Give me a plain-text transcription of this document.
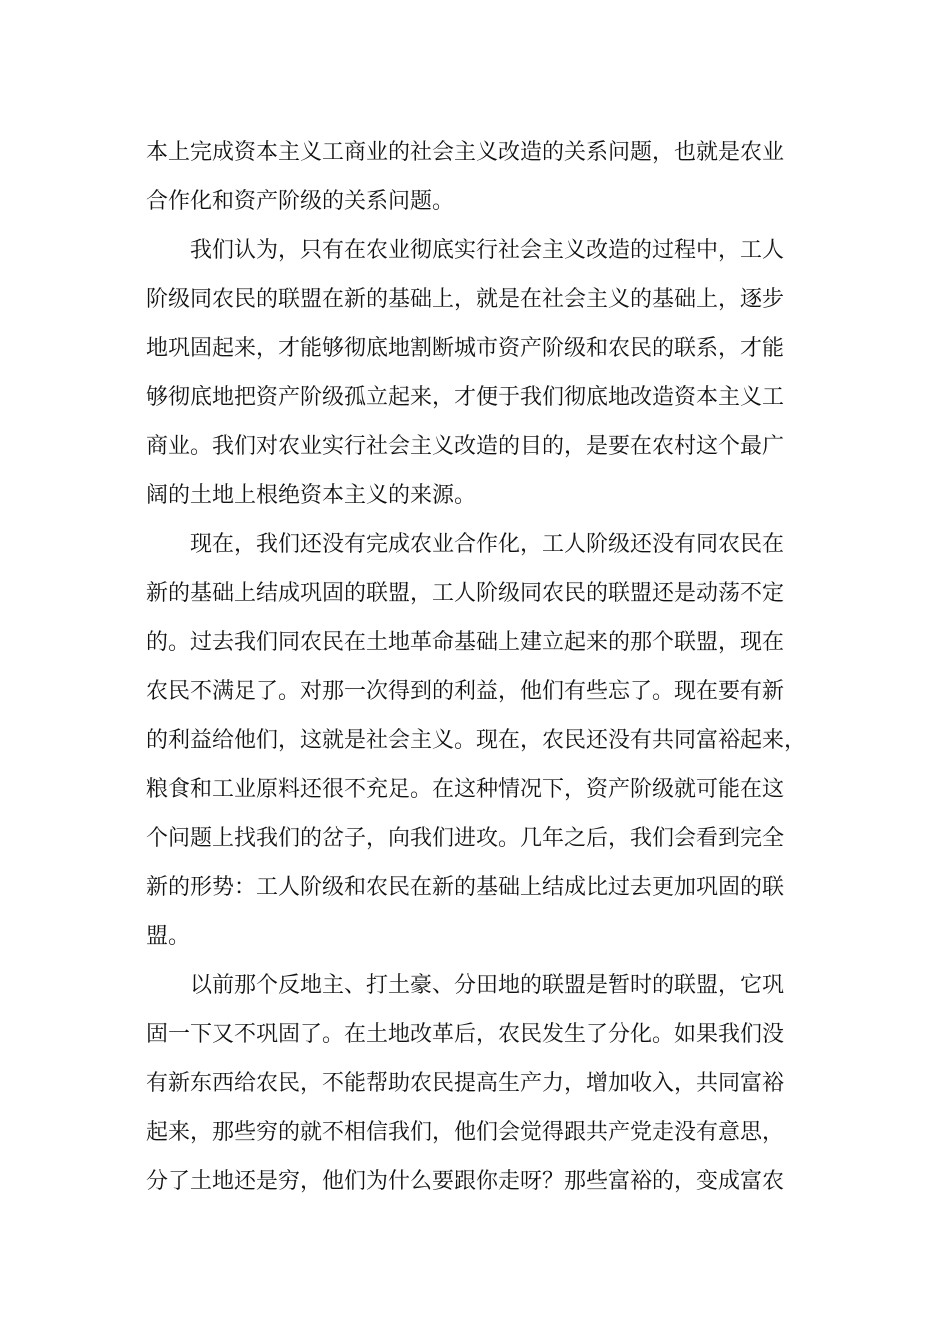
本上完成资本主义工商业的社会主义改造的关系问题，也就是农业
合作化和资产阶级的关系问题。
我们认为，只有在农业彻底实行社会主义改造的过程中，工人
阶级同农民的联盟在新的基础上，就是在社会主义的基础上，逐步
地巩固起来，才能够彻底地割断城市资产阶级和农民的联系，才能
够彻底地把资产阶级孤立起来，才便于我们彻底地改造资本主义工
商业。我们对农业实行社会主义改造的目的，是要在农村这个最广
阔的土地上根绝资本主义的来源。
现在，我们还没有完成农业合作化，工人阶级还没有同农民在
新的基础上结成巩固的联盟，工人阶级同农民的联盟还是动荡不定
的。过去我们同农民在土地革命基础上建立起来的那个联盟，现在
农民不满足了。对那一次得到的利益，他们有些忘了。现在要有新
的利益给他们，这就是社会主义。现在，农民还没有共同富裕起来，
粮食和工业原料还很不充足。在这种情况下，资产阶级就可能在这
个问题上找我们的岔子，向我们进攻。几年之后，我们会看到完全
新的形势：工人阶级和农民在新的基础上结成比过去更加巩固的联
盟。
以前那个反地主、打土豪、分田地的联盟是暂时的联盟，它巩
固一下又不巩固了。在土地改革后，农民发生了分化。如果我们没
有新东西给农民，不能帮助农民提高生产力，增加收入，共同富裕
起来，那些穷的就不相信我们，他们会觉得跟共产党走没有意思，
分了土地还是穷，他们为什么要跟你走呀？那些富裕的，变成富农
